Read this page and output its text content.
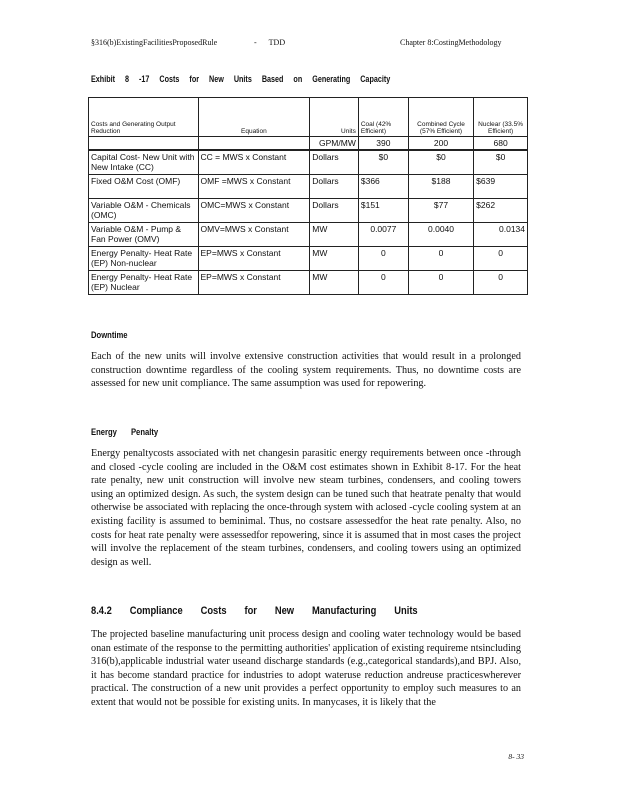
§316(b)ExistingFacilitiesProposedRule	- TDD	Chapter 8:CostingMethodology
Exhibit 8 -17 Costs for New Units Based on Generating Capacity
Costs and Generating Output Reduction	Equation	Units	Coal (42% Efficient)	Combined Cycle (57% Efficient)	Nuclear (33.5% Efficient)
		GPM/MW	390	200	680
Capital Cost- New Unit with New Intake (CC)	CC = MWS x Constant	Dollars	$0	$0	$0
Fixed O&M Cost (OMF)	OMF =MWS x Constant	Dollars	$366	$188	$639
Variable O&M - Chemicals (OMC)	OMC=MWS x Constant	Dollars	$151	$77	$262
Variable O&M - Pump & Fan Power (OMV)	OMV=MWS x Constant	MW	0.0077	0.0040	0.0134
Energy Penalty- Heat Rate (EP) Non-nuclear	EP=MWS x Constant	MW	0	0	0
Energy Penalty- Heat Rate (EP) Nuclear	EP=MWS x Constant	MW	0	0	0
Downtime
Each of the new units will involve extensive construction activities that would result in a prolonged construction downtime regardless of the cooling system requirements. Thus, no downtime costs are assessed for new unit compliance. The same assumption was used for repowering.
Energy Penalty
Energy penaltycosts associated with net changesin parasitic energy requirements between once -through and closed -cycle cooling are included in the O&M cost estimates shown in Exhibit 8-17. For the heat rate penalty, new unit construction will involve new steam turbines, condensers, and cooling towers using an optimized design. As such, the system design can be tuned such that heatrate penalty that would otherwise be associated with replacing the once-through system with aclosed -cycle cooling system at an existing facility is assumed to beminimal. Thus, no costsare assessedfor the heat rate penalty. Also, no costs for heat rate penalty were assessedfor repowering, since it is assumed that in most cases the project will involve the replacement of the steam turbines, condensers, and cooling towers using an optimized design as well.
8.4.2 Compliance Costs for New Manufacturing Units
The projected baseline manufacturing unit process design and cooling water technology would be based onan estimate of the response to the permitting authorities' application of existing requireme ntsincluding 316(b),applicable industrial water useand discharge standards (e.g.,categorical standards),and BPJ. Also, it has become standard practice for industries to adopt wateruse reduction andreuse practiceswherever practical. The construction of a new unit provides a perfect opportunity to employ such measures to an extent that would not be possible for existing units. In manycases, it is likely that the
8- 33
